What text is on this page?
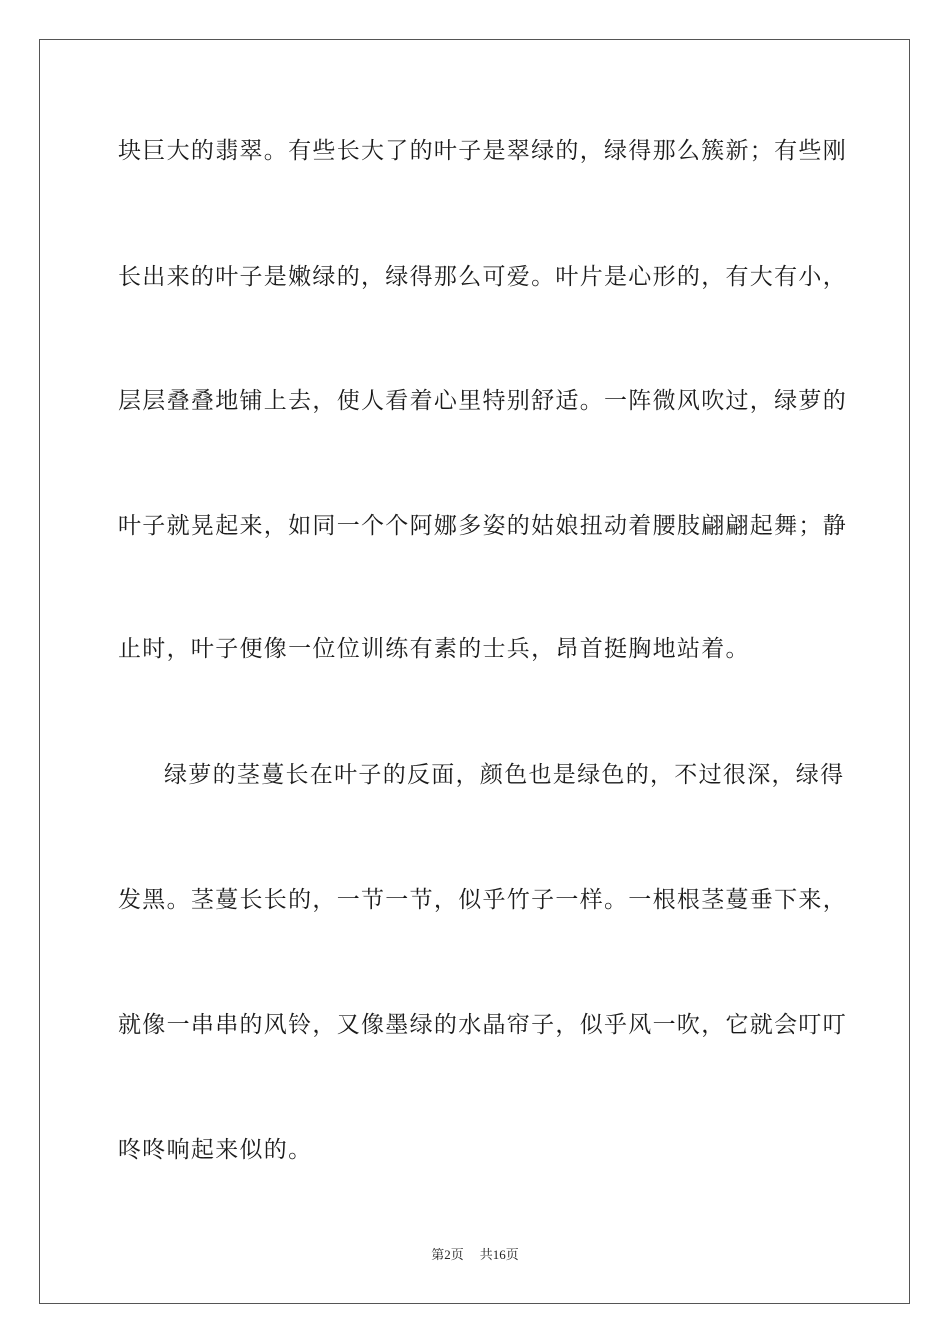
块巨大的翡翠。有些长大了的叶子是翠绿的，绿得那么簇新；有些刚
长出来的叶子是嫩绿的，绿得那么可爱。叶片是心形的，有大有小，
层层叠叠地铺上去，使人看着心里特别舒适。一阵微风吹过，绿萝的
叶子就晃起来，如同一个个阿娜多姿的姑娘扭动着腰肢翩翩起舞；静
止时，叶子便像一位位训练有素的士兵，昂首挺胸地站着。
绿萝的茎蔓长在叶子的反面，颜色也是绿色的，不过很深，绿得
发黑。茎蔓长长的，一节一节，似乎竹子一样。一根根茎蔓垂下来，
就像一串串的风铃，又像墨绿的水晶帘子，似乎风一吹，它就会叮叮
咚咚响起来似的。
第2页 共16页
